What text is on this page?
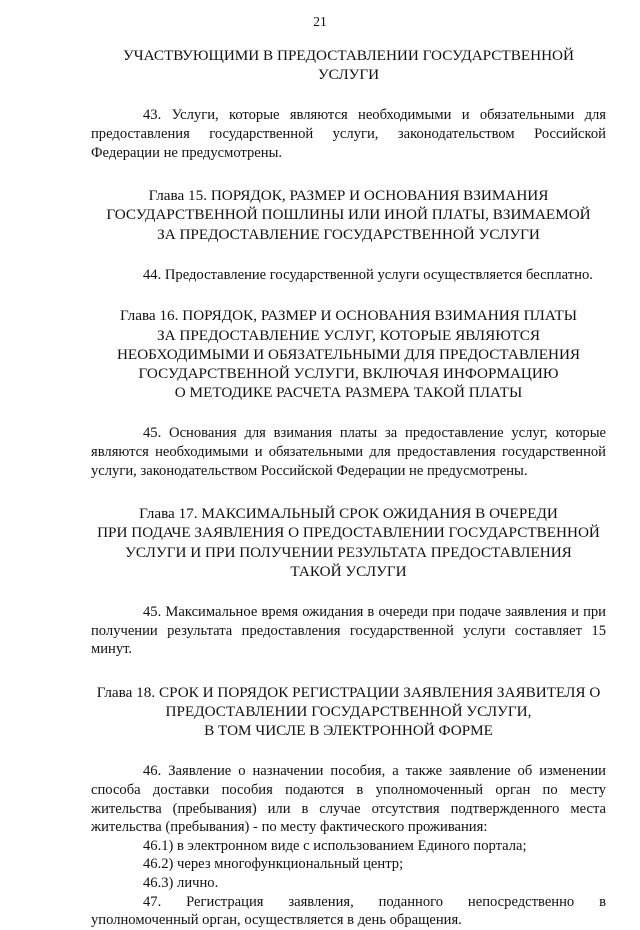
21
УЧАСТВУЮЩИМИ В ПРЕДОСТАВЛЕНИИ ГОСУДАРСТВЕННОЙ
УСЛУГИ

43. Услуги, которые являются необходимыми и обязательными для предоставления государственной услуги, законодательством Российской Федерации не предусмотрены.

Глава 15. ПОРЯДОК, РАЗМЕР И ОСНОВАНИЯ ВЗИМАНИЯ
ГОСУДАРСТВЕННОЙ ПОШЛИНЫ ИЛИ ИНОЙ ПЛАТЫ, ВЗИМАЕМОЙ
ЗА ПРЕДОСТАВЛЕНИЕ ГОСУДАРСТВЕННОЙ УСЛУГИ

44. Предоставление государственной услуги осуществляется бесплатно.

Глава 16. ПОРЯДОК, РАЗМЕР И ОСНОВАНИЯ ВЗИМАНИЯ ПЛАТЫ
ЗА ПРЕДОСТАВЛЕНИЕ УСЛУГ, КОТОРЫЕ ЯВЛЯЮТСЯ
НЕОБХОДИМЫМИ И ОБЯЗАТЕЛЬНЫМИ ДЛЯ ПРЕДОСТАВЛЕНИЯ
ГОСУДАРСТВЕННОЙ УСЛУГИ, ВКЛЮЧАЯ ИНФОРМАЦИЮ
О МЕТОДИКЕ РАСЧЕТА РАЗМЕРА ТАКОЙ ПЛАТЫ

45. Основания для взимания платы за предоставление услуг, которые являются необходимыми и обязательными для предоставления государственной услуги, законодательством Российской Федерации не предусмотрены.

Глава 17. МАКСИМАЛЬНЫЙ СРОК ОЖИДАНИЯ В ОЧЕРЕДИ
ПРИ ПОДАЧЕ ЗАЯВЛЕНИЯ О ПРЕДОСТАВЛЕНИИ ГОСУДАРСТВЕННОЙ
УСЛУГИ И ПРИ ПОЛУЧЕНИИ РЕЗУЛЬТАТА ПРЕДОСТАВЛЕНИЯ
ТАКОЙ УСЛУГИ

45. Максимальное время ожидания в очереди при подаче заявления и при получении результата предоставления государственной услуги составляет 15 минут.

Глава 18. СРОК И ПОРЯДОК РЕГИСТРАЦИИ ЗАЯВЛЕНИЯ ЗАЯВИТЕЛЯ О
ПРЕДОСТАВЛЕНИИ ГОСУДАРСТВЕННОЙ УСЛУГИ,
В ТОМ ЧИСЛЕ В ЭЛЕКТРОННОЙ ФОРМЕ

46. Заявление о назначении пособия, а также заявление об изменении способа доставки пособия подаются в уполномоченный орган по месту жительства (пребывания) или в случае отсутствия подтвержденного места жительства (пребывания) - по месту фактического проживания:

46.1) в электронном виде с использованием Единого портала;

46.2) через многофункциональный центр;

46.3) лично.

47. Регистрация заявления, поданного непосредственно в уполномоченный орган, осуществляется в день обращения.
